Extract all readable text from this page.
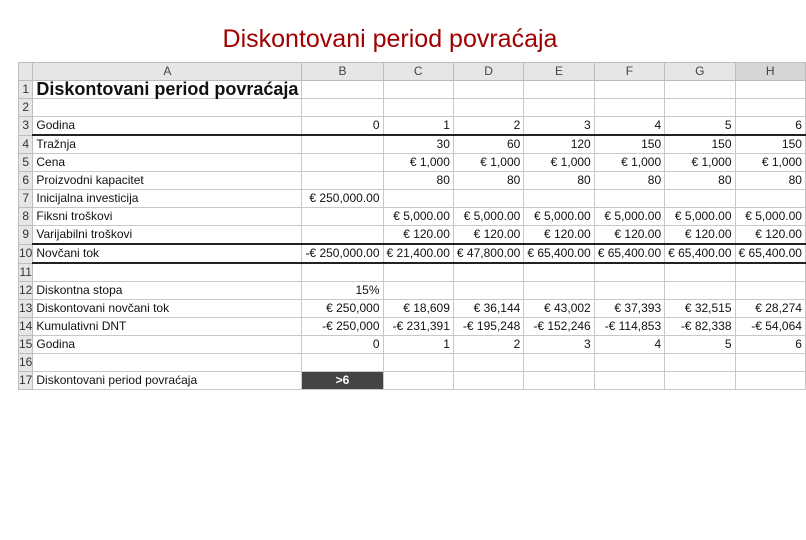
Diskontovani period povraćaja
	A	B	C	D	E	F	G	H
1	Diskontovani period povraćaja							
2								
3	Godina	0	1	2	3	4	5	6
4	Tražnja		30	60	120	150	150	150
5	Cena		€ 1,000	€ 1,000	€ 1,000	€ 1,000	€ 1,000	€ 1,000
6	Proizvodni kapacitet		80	80	80	80	80	80
7	Inicijalna investicija	€ 250,000.00						
8	Fiksni troškovi		€ 5,000.00	€ 5,000.00	€ 5,000.00	€ 5,000.00	€ 5,000.00	€ 5,000.00
9	Varijabilni troškovi		€ 120.00	€ 120.00	€ 120.00	€ 120.00	€ 120.00	€ 120.00
10	Novčani tok	-€ 250,000.00	€ 21,400.00	€ 47,800.00	€ 65,400.00	€ 65,400.00	€ 65,400.00	€ 65,400.00
11								
12	Diskontna stopa	15%						
13	Diskontovani novčani tok	€ 250,000	€ 18,609	€ 36,144	€ 43,002	€ 37,393	€ 32,515	€ 28,274
14	Kumulativni DNT	-€ 250,000	-€ 231,391	-€ 195,248	-€ 152,246	-€ 114,853	-€ 82,338	-€ 54,064
15	Godina	0	1	2	3	4	5	6
16								
17	Diskontovani period povraćaja	>6						
